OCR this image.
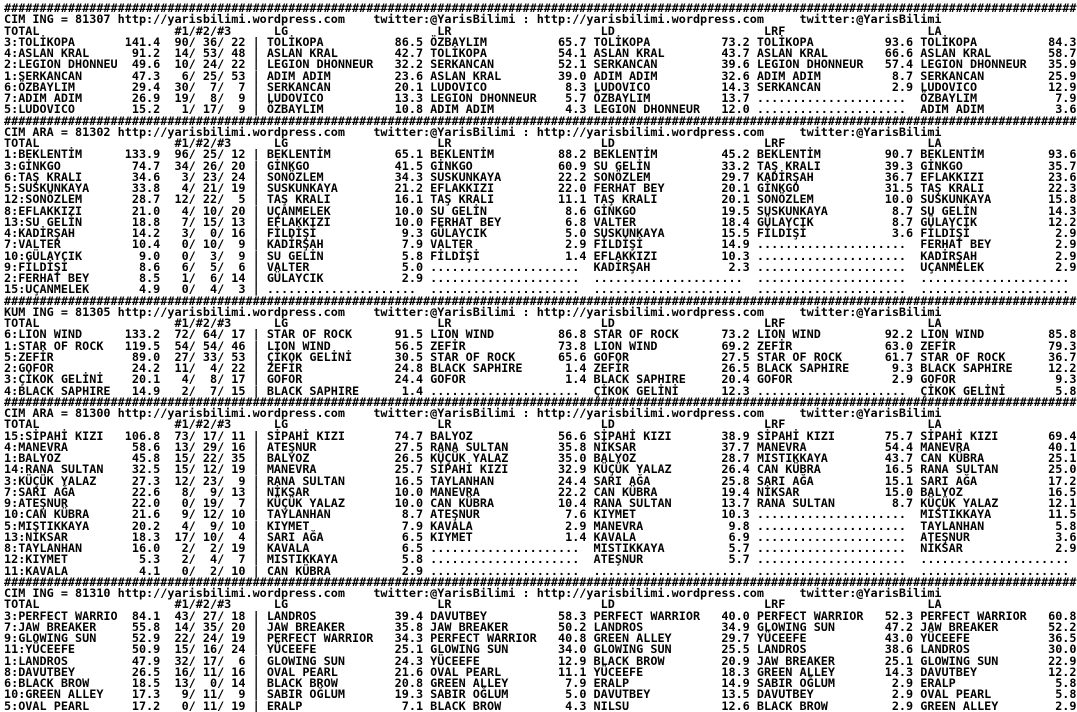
#######################################################################################################################################################
CIM ING = 81307 http://yarisbilimi.wordpress.com    twitter:@YarisBilimi : http://yarisbilimi.wordpress.com     twitter:@YarisBilimi
TOTAL                   #1/#2/#3      LG                     LR                     LD                     LRF                    LA
3:TOLİKOPA       141.4  90/ 36/ 22 | TOLİKOPA          86.5 ÖZBAYLIM          65.7 TOLİKOPA          73.2 TOLİKOPA          93.6 TOLİKOPA          84.3
4:ASLAN KRAL      91.2  14/ 53/ 48 | ASLAN KRAL        42.7 TOLİKOPA          54.1 ASLAN KRAL        43.7 ASLAN KRAL        66.6 ASLAN KRAL        58.7
2:LEGION DHONNEU  49.6  10/ 24/ 22 | LEGION DHONNEUR   32.2 SERKANCAN         52.1 SERKANCAN         39.6 LEGION DHONNEUR   57.4 LEGION DHONNEUR   35.9
1:SERKANCAN       47.3   6/ 25/ 53 | ADIM ADIM         23.6 ASLAN KRAL        39.0 ADIM ADIM         32.6 ADIM ADIM          8.7 SERKANCAN         25.9
6:ÖZBAYLIM        29.4  30/  7/  7 | SERKANCAN         20.1 LUDOVICO           8.3 LUDOVICO          14.3 SERKANCAN          2.9 LUDOVICO          12.9
7:ADIM ADIM       26.9  19/  8/  9 | LUDOVICO          13.3 LEGION DHONNEUR    5.7 ÖZBAYLIM          13.7 .....................  ÖZBAYLIM           7.9
5:LUDOVICO        15.2   1/ 17/  9 | ÖZBAYLIM          10.8 ADIM ADIM          4.3 LEGION DHONNEUR   12.0 .....................  ADIM ADIM          3.6
#######################################################################################################################################################
CIM ARA = 81302 http://yarisbilimi.wordpress.com    twitter:@YarisBilimi : http://yarisbilimi.wordpress.com     twitter:@YarisBilimi
TOTAL                   #1/#2/#3      LG                     LR                     LD                     LRF                    LA
1:BEKLENTİM      133.9  96/ 25/ 12 | BEKLENTİM         65.1 BEKLENTİM         88.2 BEKLENTİM         45.2 BEKLENTİM         90.7 BEKLENTİM         93.6
3:GİNKGO          74.7  34/ 26/ 20 | GİNKGO            41.5 GİNKGO            60.9 SU GELİN          33.2 TAŞ KRALI         39.3 GİNKGO            35.7
6:TAŞ KRALI       34.6   3/ 23/ 24 | SONÖZLEM          34.3 SUSKUNKAYA        22.2 SONÖZLEM          29.7 KADİRŞAH          36.7 EFLAKKIZI         23.6
5:SUSKUNKAYA      33.8   4/ 21/ 19 | SUSKUNKAYA        21.2 EFLAKKIZI         22.0 FERHAT BEY        20.1 GİNKGO            31.5 TAŞ KRALI         22.3
12:SONÖZLEM       28.7  12/ 22/  5 | TAŞ KRALI         16.1 TAŞ KRALI         11.1 TAŞ KRALI         20.1 SONÖZLEM          10.0 SUSKUNKAYA        15.8
8:EFLAKKIZI       21.0   4/ 10/ 20 | UÇANMELEK         10.0 SU GELİN           8.6 GİNKGO            19.5 SUSKUNKAYA         8.7 SU GELİN          14.3
13:SU GELİN       18.8   7/ 15/ 13 | EFLAKKIZI         10.0 FERHAT BEY         6.8 VALTER            18.4 GÜLAYCIK           8.7 GÜLAYCIK          12.2
4:KADİRŞAH        14.2   3/  0/ 16 | FİLDİŞİ            9.3 GÜLAYCIK           5.0 SUSKUNKAYA        15.5 FİLDİŞİ            3.6 FİLDİŞİ            2.9
7:VALTER          10.4   0/ 10/  9 | KADİRŞAH           7.9 VALTER             2.9 FİLDİŞİ           14.9 .....................  FERHAT BEY         2.9
10:GÜLAYCIK        9.0   0/  3/  9 | SU GELİN           5.8 FİLDİŞİ            1.4 EFLAKKIZI         10.3 .....................  KADİRŞAH           2.9
9:FİLDİŞİ          8.6   6/  5/  6 | VALTER             5.0 .....................  KADİRŞAH           2.3 .....................  UÇANMELEK          2.9
2:FERHAT BEY       8.5   1/  6/ 14 | GÜLAYCIK           2.9 .....................  .....................  .....................  .....................
15:UÇANMELEK       4.9   0/  4/  3 | .....................  .....................  .....................  .....................  .....................
#######################################################################################################################################################
KUM ING = 81305 http://yarisbilimi.wordpress.com    twitter:@YarisBilimi : http://yarisbilimi.wordpress.com     twitter:@YarisBilimi
TOTAL                   #1/#2/#3      LG                     LR                     LD                     LRF                    LA
6:LION WIND      133.2  72/ 64/ 17 | STAR OF ROCK      91.5 LION WIND         86.8 STAR OF ROCK      73.2 LION WIND         92.2 LION WIND         85.8
1:STAR OF ROCK   119.5  54/ 54/ 46 | LION WIND         56.5 ZEFİR             73.8 LION WIND         69.2 ZEFİR             63.0 ZEFİR             79.3
5:ZEFİR           89.0  27/ 33/ 53 | ÇİKOK GELİNİ      30.5 STAR OF ROCK      65.6 GOFOR             27.5 STAR OF ROCK      61.7 STAR OF ROCK      36.7
2:GOFOR           24.2  11/  4/ 22 | ZEFİR             24.8 BLACK SAPHIRE      1.4 ZEFİR             26.5 BLACK SAPHIRE      9.3 BLACK SAPHIRE     12.2
3:ÇİKOK GELİNİ    20.1   4/  8/ 17 | GOFOR             24.4 GOFOR              1.4 BLACK SAPHIRE     20.4 GOFOR              2.9 GOFOR              9.3
4:BLACK SAPHIRE   14.9   2/  7/ 15 | BLACK SAPHIRE      1.4 .....................  ÇİKOK GELİNİ      12.3 .....................  ÇİKOK GELİNİ       5.8
#######################################################################################################################################################
CIM ARA = 81300 http://yarisbilimi.wordpress.com    twitter:@YarisBilimi : http://yarisbilimi.wordpress.com     twitter:@YarisBilimi
TOTAL                   #1/#2/#3      LG                     LR                     LD                     LRF                    LA
15:SİPAHİ KIZI   106.8  73/ 17/ 11 | SİPAHİ KIZI       74.7 BALYOZ            56.6 SİPAHİ KIZI       38.9 SİPAHİ KIZI       75.7 SİPAHİ KIZI       69.4
4:MANEVRA         58.6  13/ 29/ 16 | ATEŞNUR           27.5 RANA SULTAN       35.8 NİKSAR            37.7 MANEVRA           54.4 MANEVRA           40.1
1:BALYOZ          45.8  15/ 22/ 35 | BALYOZ            26.5 KÜÇÜK YALAZ       35.0 BALYOZ            28.7 MISTIKKAYA        43.7 CAN KÜBRA         25.1
14:RANA SULTAN    32.5  15/ 12/ 19 | MANEVRA           25.7 SİPAHİ KIZI       32.9 KÜÇÜK YALAZ       26.4 CAN KÜBRA         16.5 RANA SULTAN       25.0
3:KÜÇÜK YALAZ     27.3  12/ 23/  9 | RANA SULTAN       16.5 TAYLANHAN         24.4 SARI AĞA          25.8 SARI AĞA          15.1 SARI AĞA          17.2
7:SARI AĞA        22.6   8/  9/ 13 | NİKSAR            10.0 MANEVRA           22.2 CAN KÜBRA         19.4 NİKSAR            15.0 BALYOZ            16.5
9:ATEŞNUR         22.0   0/ 19/  7 | KÜÇÜK YALAZ       10.0 CAN KÜBRA         10.4 RANA SULTAN       13.7 RANA SULTAN        8.7 KÜÇÜK YALAZ       12.1
10:CAN KÜBRA      21.6   9/ 12/ 10 | TAYLANHAN          8.7 ATEŞNUR            7.6 KIYMET            10.3 .....................  MISTIKKAYA        11.5
5:MISTIKKAYA      20.2   4/  9/ 10 | KIYMET             7.9 KAVALA             2.9 MANEVRA            9.8 .....................  TAYLANHAN          5.8
13:NİKSAR         18.3  17/ 10/  4 | SARI AĞA           6.5 KIYMET             1.4 KAVALA             6.9 .....................  ATEŞNUR            3.6
8:TAYLANHAN       16.0   2/  2/ 19 | KAVALA             6.5 .....................  MISTIKKAYA         5.7 .....................  NİKSAR             2.9
12:KIYMET          5.3   2/  4/  7 | MISTIKKAYA         5.8 .....................  ATEŞNUR            5.7 .....................  .....................
11:KAVALA          4.1   0/  2/ 10 | CAN KÜBRA          2.9 .....................  .....................  .....................  .....................
#######################################################################################################################################################
CIM ING = 81310 http://yarisbilimi.wordpress.com    twitter:@YarisBilimi : http://yarisbilimi.wordpress.com     twitter:@YarisBilimi
TOTAL                   #1/#2/#3      LG                     LR                     LD                     LRF                    LA
3:PERFECT WARRIO  84.1  43/ 27/ 18 | LANDROS           39.4 DAVUTBEY          58.3 PERFECT WARRIOR   40.0 PERFECT WARRIOR   52.3 PERFECT WARRIOR   60.8
7:JAW BREAKER     55.8  14/ 35/ 20 | JAW BREAKER       35.8 JAW BREAKER       50.2 LANDROS           34.9 GLOWING SUN       47.2 JAW BREAKER       52.2
9:GLOWING SUN     52.9  22/ 24/ 19 | PERFECT WARRIOR   34.3 PERFECT WARRIOR   40.8 GREEN ALLEY       29.7 YÜCEEFE           43.0 YÜCEEFE           36.5
11:YÜCEEFE        50.9  15/ 16/ 24 | YÜCEEFE           25.1 GLOWING SUN       34.0 GLOWING SUN       25.5 LANDROS           38.6 LANDROS           30.0
1:LANDROS         47.9  32/ 17/  6 | GLOWING SUN       24.3 YÜCEEFE           12.9 BLACK BROW        20.9 JAW BREAKER       25.1 GLOWING SUN       22.9
8:DAVUTBEY        26.5  16/ 11/ 16 | OVAL PEARL        21.6 OVAL PEARL        11.1 YÜCEEFE           18.3 GREEN ALLEY       14.3 DAVUTBEY          12.2
6:BLACK BROW      18.5  13/  0/ 14 | BLACK BROW        20.8 GREEN ALLEY        7.9 ERALP             14.9 SABIR OĞLUM        2.9 ERALP              5.8
10:GREEN ALLEY    17.3   9/ 11/  9 | SABIR OĞLUM       19.3 SABIR OĞLUM        5.0 DAVUTBEY          13.5 DAVUTBEY           2.9 OVAL PEARL         5.8
5:OVAL PEARL      17.2   0/ 11/ 19 | ERALP              7.1 BLACK BROW         4.3 NILSU             12.6 BLACK BROW         2.9 GREEN ALLEY        2.9
